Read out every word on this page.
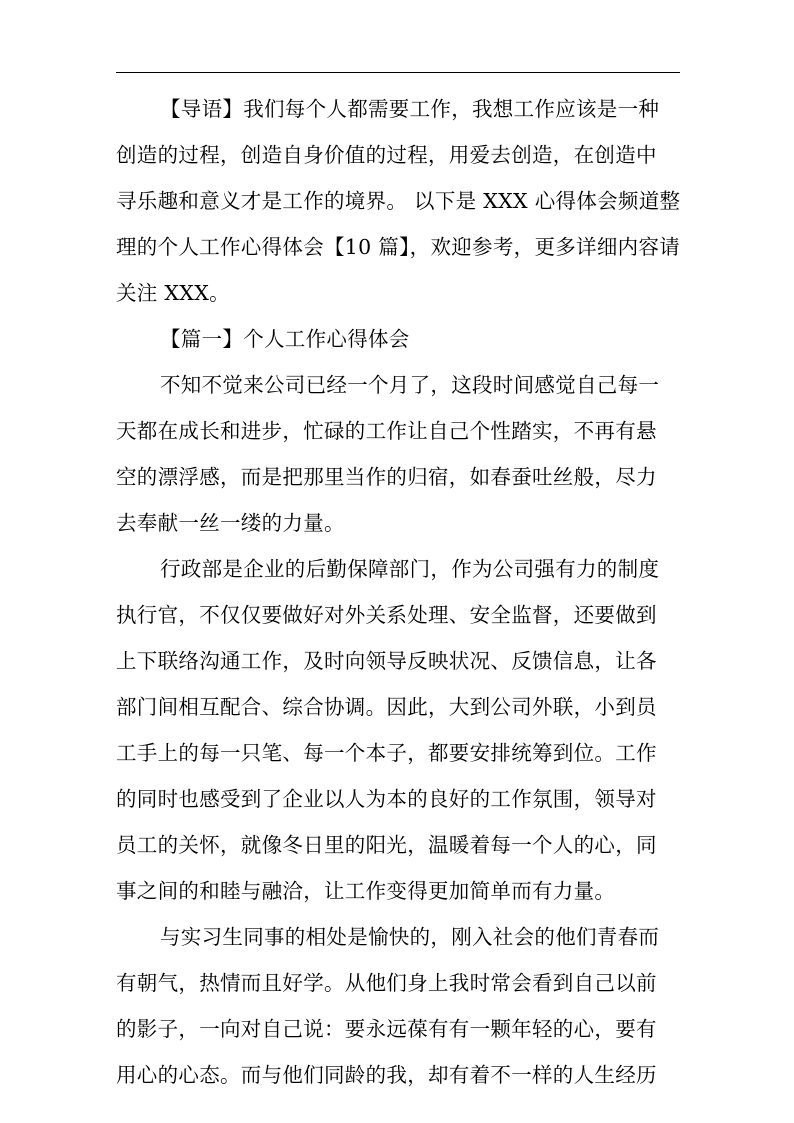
【导语】我们每个人都需要工作，我想工作应该是一种
创造的过程，创造自身价值的过程，用爱去创造，在创造中
寻乐趣和意义才是工作的境界。 以下是 XXX 心得体会频道整
理的个人工作心得体会【10 篇】，欢迎参考，更多详细内容请
关注 XXX。
【篇一】个人工作心得体会
不知不觉来公司已经一个月了，这段时间感觉自己每一
天都在成长和进步，忙碌的工作让自己个性踏实，不再有悬
空的漂浮感，而是把那里当作的归宿，如春蚕吐丝般，尽力
去奉献一丝一缕的力量。
行政部是企业的后勤保障部门，作为公司强有力的制度
执行官，不仅仅要做好对外关系处理、安全监督，还要做到
上下联络沟通工作，及时向领导反映状况、反馈信息，让各
部门间相互配合、综合协调。因此，大到公司外联，小到员
工手上的每一只笔、每一个本子，都要安排统筹到位。工作
的同时也感受到了企业以人为本的良好的工作氛围，领导对
员工的关怀，就像冬日里的阳光，温暖着每一个人的心，同
事之间的和睦与融洽，让工作变得更加简单而有力量。
与实习生同事的相处是愉快的，刚入社会的他们青春而
有朝气，热情而且好学。从他们身上我时常会看到自己以前
的影子，一向对自己说：要永远葆有有一颗年轻的心，要有
用心的心态。而与他们同龄的我，却有着不一样的人生经历
